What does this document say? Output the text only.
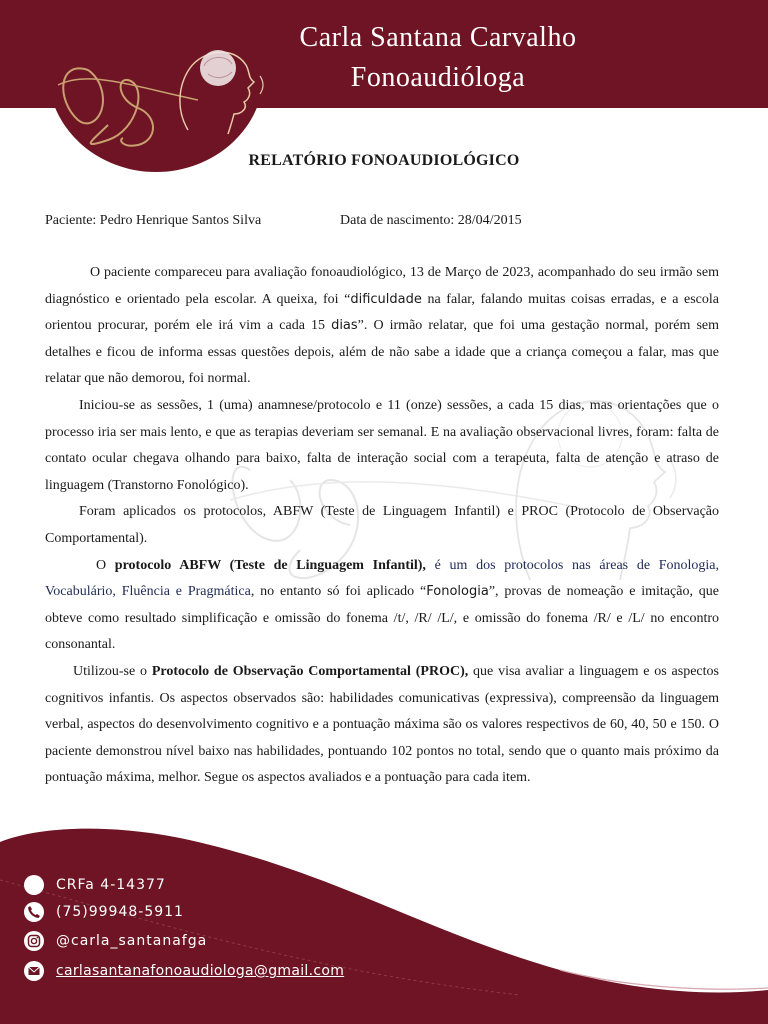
Carla Santana Carvalho
Fonoaudióloga
RELATÓRIO FONOAUDIOLÓGICO
Paciente: Pedro Henrique Santos Silva	Data de nascimento: 28/04/2015

O paciente compareceu para avaliação fonoaudiológico, 13 de Março de 2023, acompanhado do seu irmão sem diagnóstico e orientado pela escolar. A queixa, foi “dificuldade na falar, falando muitas coisas erradas, e a escola orientou procurar, porém ele irá vim a cada 15 dias”. O irmão relatar, que foi uma gestação normal, porém sem detalhes e ficou de informa essas questões depois, além de não sabe a idade que a criança começou a falar, mas que relatar que não demorou, foi normal.

Iniciou-se as sessões, 1 (uma) anamnese/protocolo e 11 (onze) sessões, a cada 15 dias, mas orientações que o processo iria ser mais lento, e que as terapias deveriam ser semanal. E na avaliação observacional livres, foram: falta de contato ocular chegava olhando para baixo, falta de interação social com a terapeuta, falta de atenção e atraso de linguagem (Transtorno Fonológico).

Foram aplicados os protocolos, ABFW (Teste de Linguagem Infantil) e PROC (Protocolo de Observação Comportamental).

O protocolo ABFW (Teste de Linguagem Infantil), é um dos protocolos nas áreas de Fonologia, Vocabulário, Fluência e Pragmática, no entanto só foi aplicado “Fonologia”, provas de nomeação e imitação, que obteve como resultado simplificação e omissão do fonema /t/, /R/ /L/, e omissão do fonema /R/ e /L/ no encontro consonantal.

Utilizou-se o Protocolo de Observação Comportamental (PROC), que visa avaliar a linguagem e os aspectos cognitivos infantis. Os aspectos observados são: habilidades comunicativas (expressiva), compreensão da linguagem verbal, aspectos do desenvolvimento cognitivo e a pontuação máxima são os valores respectivos de 60, 40, 50 e 150. O paciente demonstrou nível baixo nas habilidades, pontuando 102 pontos no total, sendo que o quanto mais próximo da pontuação máxima, melhor. Segue os aspectos avaliados e a pontuação para cada item.

CRFa 4-14377
(75)99948-5911
@carla_santanafga
carlasantanafonoaudiologa@gmail.com
